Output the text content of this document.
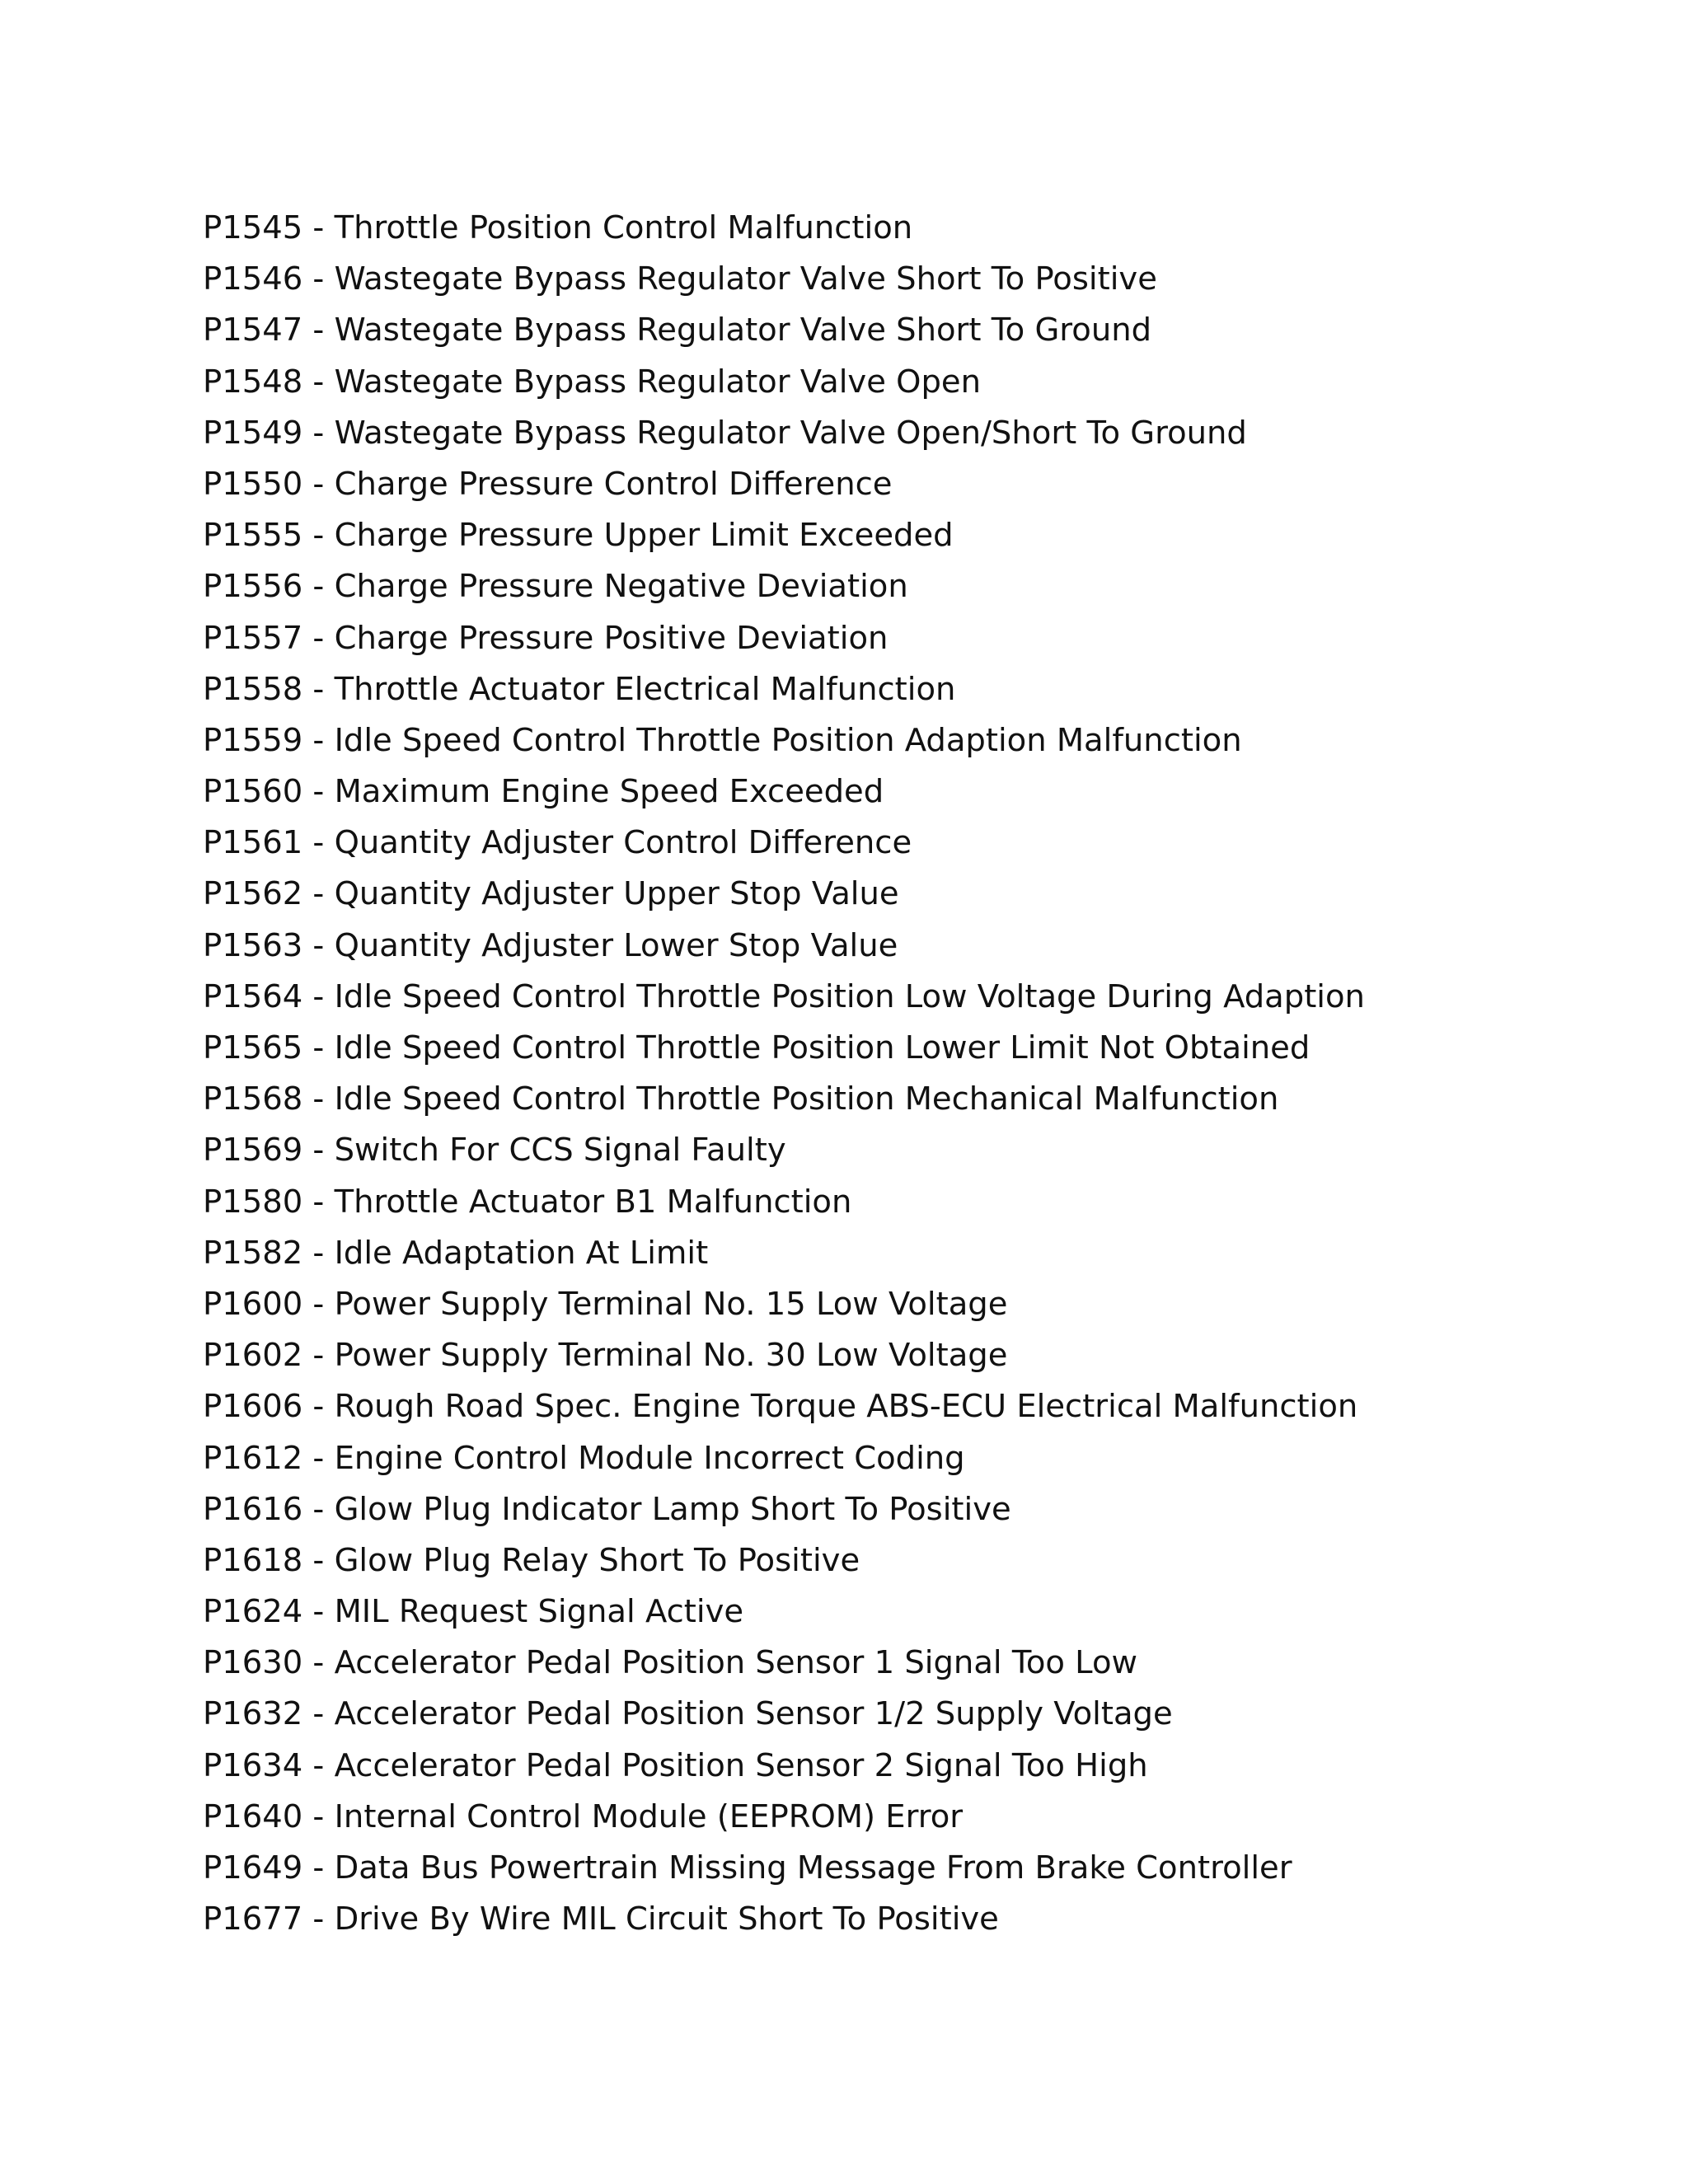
P1545 - Throttle Position Control Malfunction
P1546 - Wastegate Bypass Regulator Valve Short To Positive
P1547 - Wastegate Bypass Regulator Valve Short To Ground
P1548 - Wastegate Bypass Regulator Valve Open
P1549 - Wastegate Bypass Regulator Valve Open/Short To Ground
P1550 - Charge Pressure Control Difference
P1555 - Charge Pressure Upper Limit Exceeded
P1556 - Charge Pressure Negative Deviation
P1557 - Charge Pressure Positive Deviation
P1558 - Throttle Actuator Electrical Malfunction
P1559 - Idle Speed Control Throttle Position Adaption Malfunction
P1560 - Maximum Engine Speed Exceeded
P1561 - Quantity Adjuster Control Difference
P1562 - Quantity Adjuster Upper Stop Value
P1563 - Quantity Adjuster Lower Stop Value
P1564 - Idle Speed Control Throttle Position Low Voltage During Adaption
P1565 - Idle Speed Control Throttle Position Lower Limit Not Obtained
P1568 - Idle Speed Control Throttle Position Mechanical Malfunction
P1569 - Switch For CCS Signal Faulty
P1580 - Throttle Actuator B1 Malfunction
P1582 - Idle Adaptation At Limit
P1600 - Power Supply Terminal No. 15 Low Voltage
P1602 - Power Supply Terminal No. 30 Low Voltage
P1606 - Rough Road Spec. Engine Torque ABS-ECU Electrical Malfunction
P1612 - Engine Control Module Incorrect Coding
P1616 - Glow Plug Indicator Lamp Short To Positive
P1618 - Glow Plug Relay Short To Positive
P1624 - MIL Request Signal Active
P1630 - Accelerator Pedal Position Sensor 1 Signal Too Low
P1632 - Accelerator Pedal Position Sensor 1/2 Supply Voltage
P1634 - Accelerator Pedal Position Sensor 2 Signal Too High
P1640 - Internal Control Module (EEPROM) Error
P1649 - Data Bus Powertrain Missing Message From Brake Controller
P1677 - Drive By Wire MIL Circuit Short To Positive
